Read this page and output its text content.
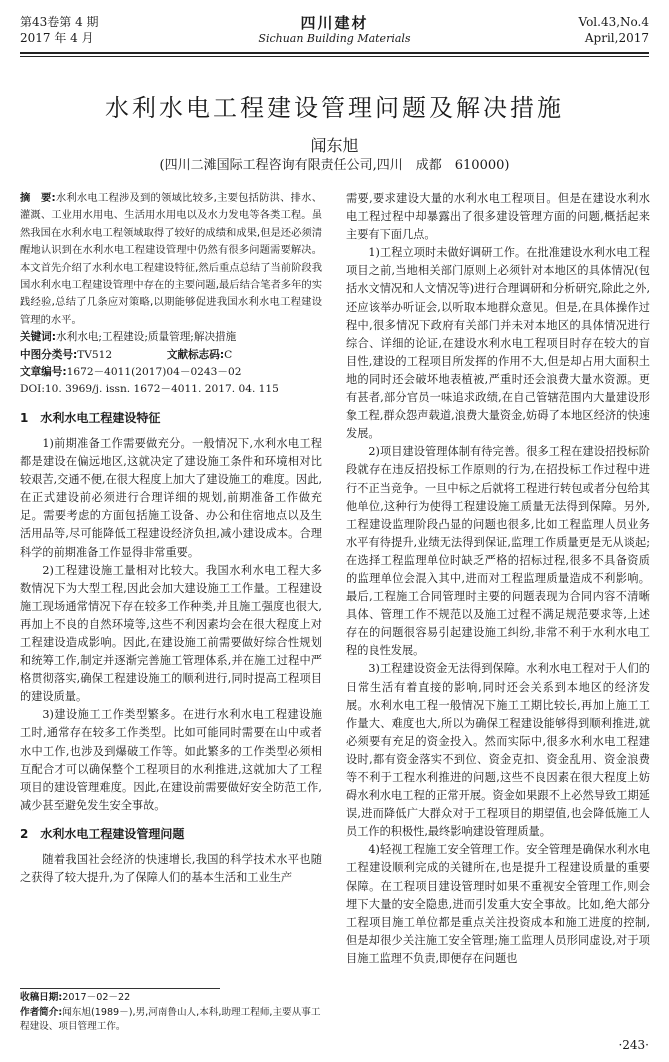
第43卷第 4 期
2017 年 4 月
四川建材
Sichuan Building Materials
Vol.43,No.4
April,2017
水利水电工程建设管理问题及解决措施
闻东旭
(四川二滩国际工程咨询有限责任公司,四川　成都　610000)

摘　要:水利水电工程涉及到的领域比较多,主要包括防洪、排水、灌溉、工业用水用电、生活用水用电以及水力发电等各类工程。虽然我国在水利水电工程领域取得了较好的成绩和成果,但是还必须清醒地认识到在水利水电工程建设管理中仍然有很多问题需要解决。本文首先介绍了水利水电工程建设特征,然后重点总结了当前阶段我国水利水电工程建设管理中存在的主要问题,最后结合笔者多年的实践经验,总结了几条应对策略,以期能够促进我国水利水电工程建设管理的水平。

关键词:水利水电;工程建设;质量管理;解决措施
中图分类号:TV512	文献标志码:C
文章编号:1672－4011(2017)04－0243－02
DOI:10. 3969/j. issn. 1672－4011. 2017. 04. 115
1　水利水电工程建设特征

1)前期准备工作需要做充分。一般情况下,水利水电工程都是建设在偏远地区,这就决定了建设施工条件和环境相对比较艰苦,交通不便,在很大程度上加大了建设施工的难度。因此,在正式建设前必须进行合理详细的规划,前期准备工作做充足。需要考虑的方面包括施工设备、办公和住宿地点以及生活用品等,尽可能降低工程建设经济负担,减小建设成本。合理科学的前期准备工作显得非常重要。

2)工程建设施工量相对比较大。我国水利水电工程大多数情况下为大型工程,因此会加大建设施工工作量。工程建设施工现场通常情况下存在较多工作种类,并且施工强度也很大,再加上不良的自然环境等,这些不利因素均会在很大程度上对工程建设造成影响。因此,在建设施工前需要做好综合性规划和统筹工作,制定并逐渐完善施工管理体系,并在施工过程中严格贯彻落实,确保工程建设施工的顺利进行,同时提高工程项目的建设质量。

3)建设施工工作类型繁多。在进行水利水电工程建设施工时,通常存在较多工作类型。比如可能同时需要在山中或者水中工作,也涉及到爆破工作等。如此繁多的工作类型必须相互配合才可以确保整个工程项目的水利推进,这就加大了工程项目的建设管理难度。因此,在建设前需要做好安全防范工作,减少甚至避免发生安全事故。

2　水利水电工程建设管理问题

随着我国社会经济的快速增长,我国的科学技术水平也随之获得了较大提升,为了保障人们的基本生活和工业生产

需要,要求建设大量的水利水电工程项目。但是在建设水利水电工程过程中却暴露出了很多建设管理方面的问题,概括起来主要有下面几点。

1)工程立项时未做好调研工作。在批准建设水利水电工程项目之前,当地相关部门原则上必须针对本地区的具体情况(包括水文情况和人文情况等)进行合理调研和分析研究,除此之外,还应该举办听证会,以听取本地群众意见。但是,在具体操作过程中,很多情况下政府有关部门并未对本地区的具体情况进行综合、详细的论证,在建设水利水电工程项目时存在较大的盲目性,建设的工程项目所发挥的作用不大,但是却占用大面积土地的同时还会破坏地表植被,严重时还会浪费大量水资源。更有甚者,部分官员一味追求政绩,在自己管辖范围内大量建设形象工程,群众怨声载道,浪费大量资金,妨碍了本地区经济的快速发展。

2)项目建设管理体制有待完善。很多工程在建设招投标阶段就存在违反招投标工作原则的行为,在招投标工作过程中进行不正当竞争。一旦中标之后就将工程进行转包或者分包给其他单位,这种行为使得工程建设施工质量无法得到保障。另外,工程建设监理阶段凸显的问题也很多,比如工程监理人员业务水平有待提升,业绩无法得到保证,监理工作质量更是无从谈起;在选择工程监理单位时缺乏严格的招标过程,很多不具备资质的监理单位会混入其中,进而对工程监理质量造成不利影响。最后,工程施工合同管理时主要的问题表现为合同内容不清晰具体、管理工作不规范以及施工过程不满足规范要求等,上述存在的问题很容易引起建设施工纠纷,非常不利于水利水电工程的良性发展。

3)工程建设资金无法得到保障。水利水电工程对于人们的日常生活有着直接的影响,同时还会关系到本地区的经济发展。水利水电工程一般情况下施工工期比较长,再加上施工工作量大、难度也大,所以为确保工程建设能够得到顺利推进,就必须要有充足的资金投入。然而实际中,很多水利水电工程建设时,都有资金落实不到位、资金克扣、资金乱用、资金浪费等不利于工程水利推进的问题,这些不良因素在很大程度上妨碍水利水电工程的正常开展。资金如果跟不上必然导致工期延误,进而降低广大群众对于工程项目的期望值,也会降低施工人员工作的积极性,最终影响建设管理质量。

4)轻视工程施工安全管理工作。安全管理是确保水利水电工程建设顺利完成的关键所在,也是提升工程建设质量的重要保障。在工程项目建设管理时如果不重视安全管理工作,则会埋下大量的安全隐患,进而引发重大安全事故。比如,绝大部分工程项目施工单位都是重点关注投资成本和施工进度的控制,但是却很少关注施工安全管理;施工监理人员形同虚设,对于项目施工监理不负责,即便存在问题也

收稿日期:2017－02－22
作者简介:闻东旭(1989－),男,河南鲁山人,本科,助理工程师,主要从事工程建设、项目管理工作。
·243·
